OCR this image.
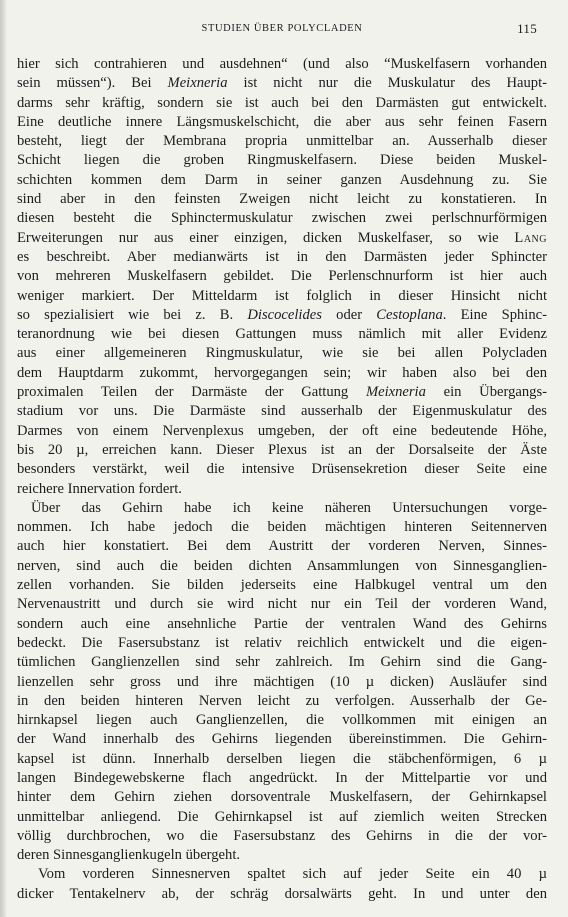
STUDIEN ÜBER POLYCLADEN	115
hier sich contrahieren und ausdehnen“ (und also “Muskelfasern vorhanden
sein müssen“). Bei Meixneria ist nicht nur die Muskulatur des Haupt-
darms sehr kräftig, sondern sie ist auch bei den Darmästen gut entwickelt.
Eine deutliche innere Längsmuskelschicht, die aber aus sehr feinen Fasern
besteht, liegt der Membrana propria unmittelbar an. Ausserhalb dieser
Schicht liegen die groben Ringmuskelfasern. Diese beiden Muskel-
schichten kommen dem Darm in seiner ganzen Ausdehnung zu. Sie
sind aber in den feinsten Zweigen nicht leicht zu konstatieren. In
diesen besteht die Sphinctermuskulatur zwischen zwei perlschnurförmigen
Erweiterungen nur aus einer einzigen, dicken Muskelfaser, so wie Lang
es beschreibt. Aber medianwärts ist in den Darmästen jeder Sphincter
von mehreren Muskelfasern gebildet. Die Perlenschnurform ist hier auch
weniger markiert. Der Mitteldarm ist folglich in dieser Hinsicht nicht
so spezialisiert wie bei z. B. Discocelides oder Cestoplana. Eine Sphinc-
teranordnung wie bei diesen Gattungen muss nämlich mit aller Evidenz
aus einer allgemeineren Ringmuskulatur, wie sie bei allen Polycladen
dem Hauptdarm zukommt, hervorgegangen sein; wir haben also bei den
proximalen Teilen der Darmäste der Gattung Meixneria ein Übergangs-
stadium vor uns. Die Darmäste sind ausserhalb der Eigenmuskulatur des
Darmes von einem Nervenplexus umgeben, der oft eine bedeutende Höhe,
bis 20 µ, erreichen kann. Dieser Plexus ist an der Dorsalseite der Äste
besonders verstärkt, weil die intensive Drüsensekretion dieser Seite eine
reichere Innervation fordert.
Über das Gehirn habe ich keine näheren Untersuchungen vorge-
nommen. Ich habe jedoch die beiden mächtigen hinteren Seitennerven
auch hier konstatiert. Bei dem Austritt der vorderen Nerven, Sinnes-
nerven, sind auch die beiden dichten Ansammlungen von Sinnesganglien-
zellen vorhanden. Sie bilden jederseits eine Halbkugel ventral um den
Nervenaustritt und durch sie wird nicht nur ein Teil der vorderen Wand,
sondern auch eine ansehnliche Partie der ventralen Wand des Gehirns
bedeckt. Die Fasersubstanz ist relativ reichlich entwickelt und die eigen-
tümlichen Ganglienzellen sind sehr zahlreich. Im Gehirn sind die Gang-
lienzellen sehr gross und ihre mächtigen (10 µ dicken) Ausläufer sind
in den beiden hinteren Nerven leicht zu verfolgen. Ausserhalb der Ge-
hirnkapsel liegen auch Ganglienzellen, die vollkommen mit einigen an
der Wand innerhalb des Gehirns liegenden übereinstimmen. Die Gehirn-
kapsel ist dünn. Innerhalb derselben liegen die stäbchenförmigen, 6 µ
langen Bindegewebskerne flach angedrückt. In der Mittelpartie vor und
hinter dem Gehirn ziehen dorsoventrale Muskelfasern, der Gehirnkapsel
unmittelbar anliegend. Die Gehirnkapsel ist auf ziemlich weiten Strecken
völlig durchbrochen, wo die Fasersubstanz des Gehirns in die der vor-
deren Sinnesganglienkugeln übergeht.
Vom vorderen Sinnesnerven spaltet sich auf jeder Seite ein 40 µ
dicker Tentakelnerv ab, der schräg dorsalwärts geht. In und unter den
